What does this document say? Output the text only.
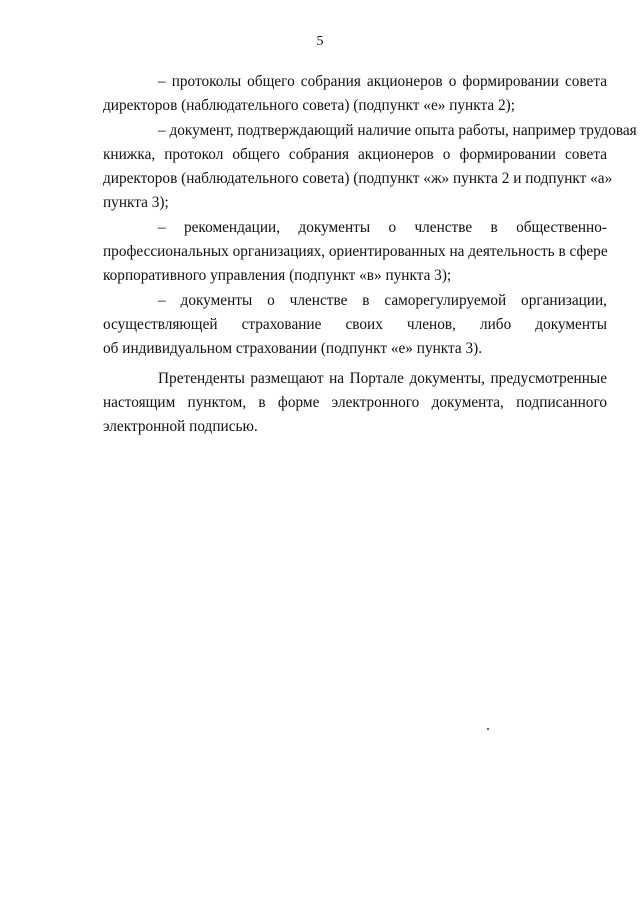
5
– протоколы общего собрания акционеров о формировании совета
директоров (наблюдательного совета) (подпункт «е» пункта 2);
– документ, подтверждающий наличие опыта работы, например трудовая
книжка, протокол общего собрания акционеров о формировании совета
директоров (наблюдательного совета) (подпункт «ж» пункта 2 и подпункт «а»
пункта 3);
– рекомендации, документы о членстве в общественно-
профессиональных организациях, ориентированных на деятельность в сфере
корпоративного управления (подпункт «в» пункта 3);
– документы о членстве в саморегулируемой организации,
осуществляющей страхование своих членов, либо документы
об индивидуальном страховании (подпункт «е» пункта 3).
Претенденты размещают на Портале документы, предусмотренные
настоящим пунктом, в форме электронного документа, подписанного
электронной подписью.
